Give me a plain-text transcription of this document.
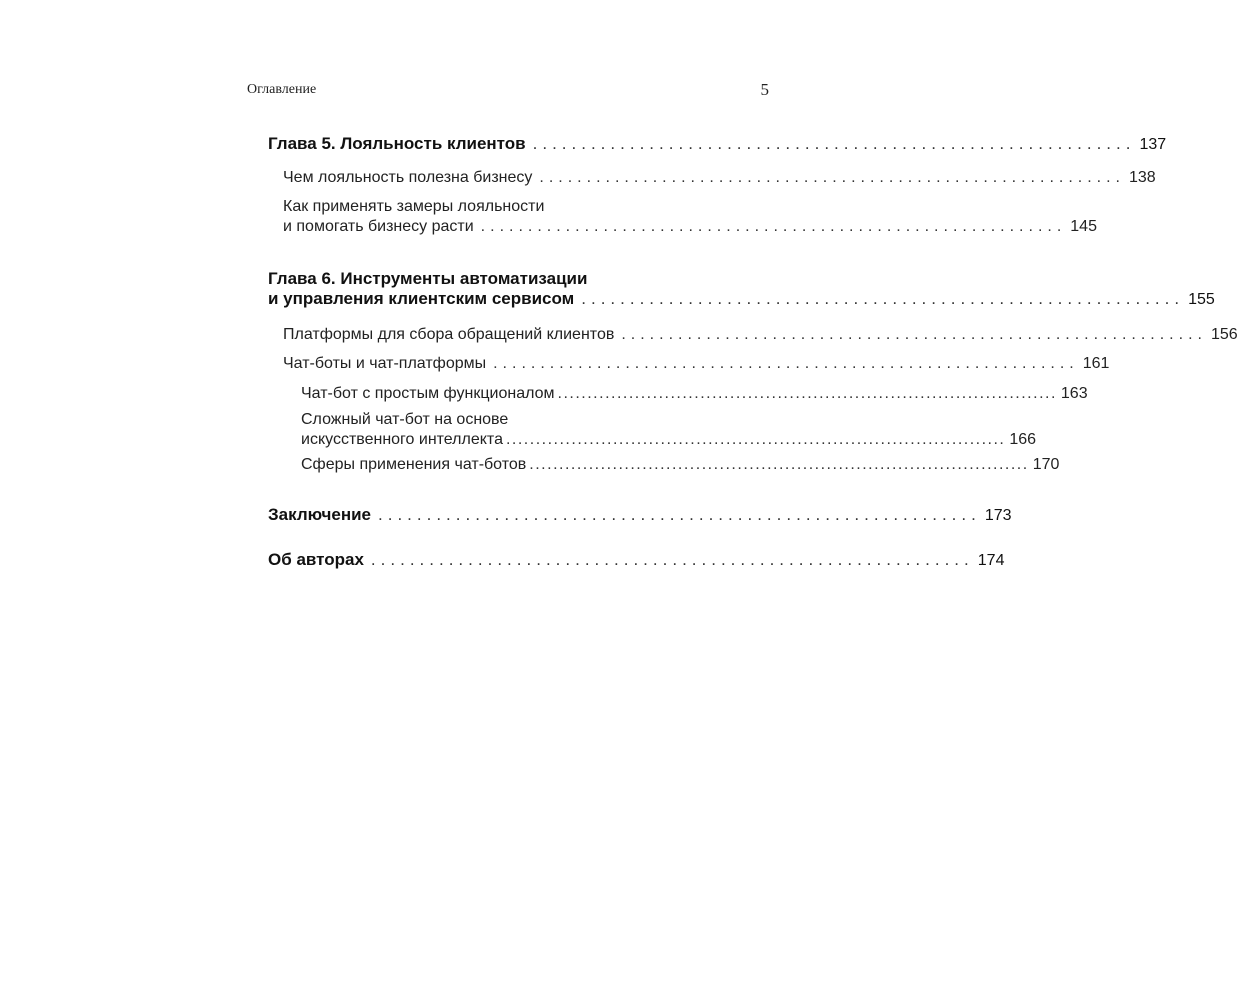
Оглавление	5
Глава 5. Лояльность клиентов .............................................................. 137
Чем лояльность полезна бизнесу .............................................................. 138
Как применять замеры лояльности
и помогать бизнесу расти .............................................................. 145
Глава 6. Инструменты автоматизации
и управления клиентским сервисом .............................................................. 155
Платформы для сбора обращений клиентов .............................................................. 156
Чат-боты и чат-платформы .............................................................. 161
Чат-бот с простым функционалом .................................................................................... 163
Сложный чат-бот на основе
искусственного интеллекта .................................................................................... 166
Сферы применения чат-ботов .................................................................................... 170
Заключение .............................................................. 173
Об авторах .............................................................. 174
